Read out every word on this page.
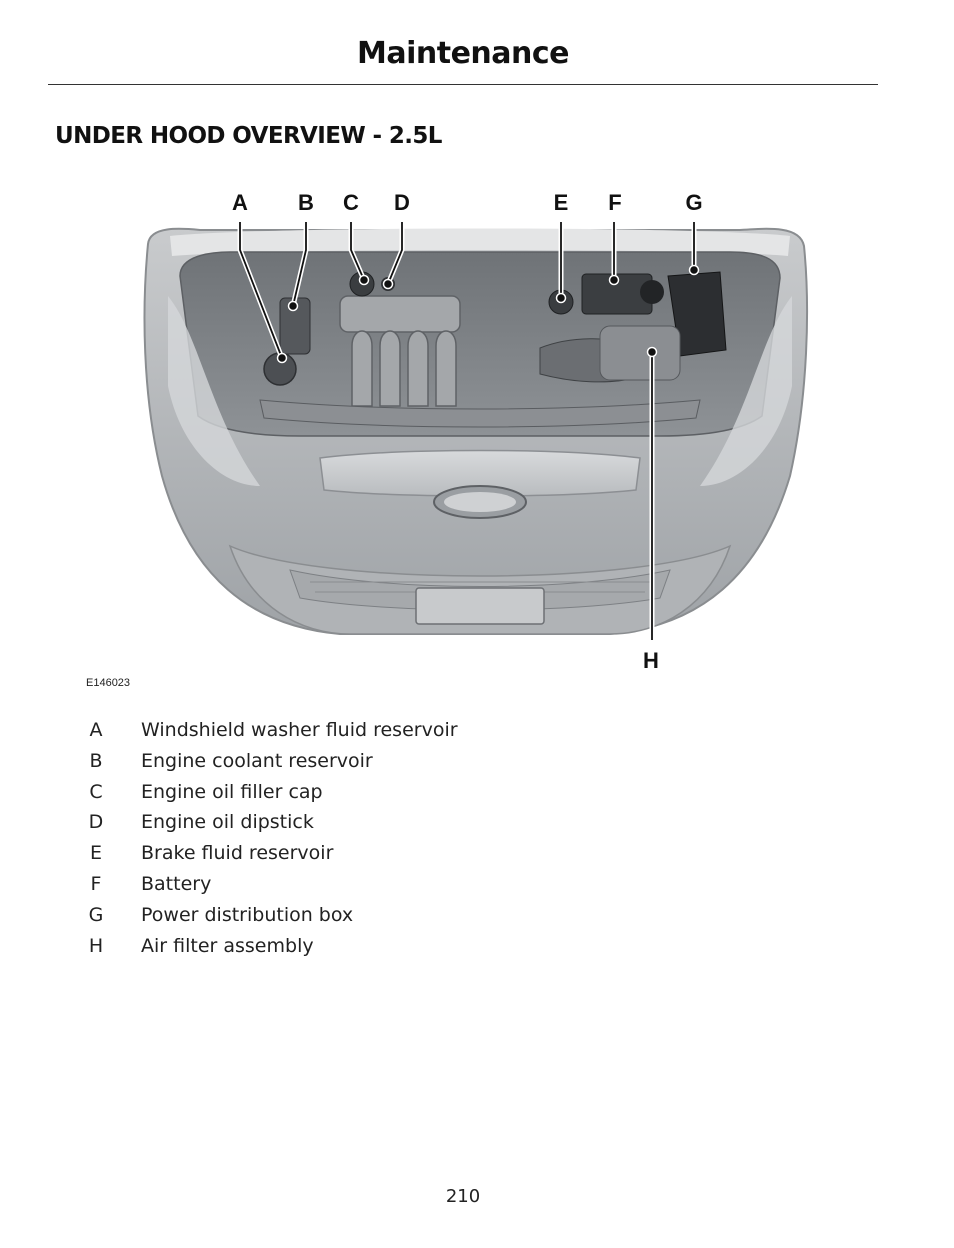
Maintenance
UNDER HOOD OVERVIEW - 2.5L
A B C D	E F	G
H
E146023
A Windshield washer fluid reservoir
B Engine coolant reservoir
C Engine oil filler cap
D Engine oil dipstick
E Brake fluid reservoir
F Battery
G Power distribution box
H Air filter assembly
210
